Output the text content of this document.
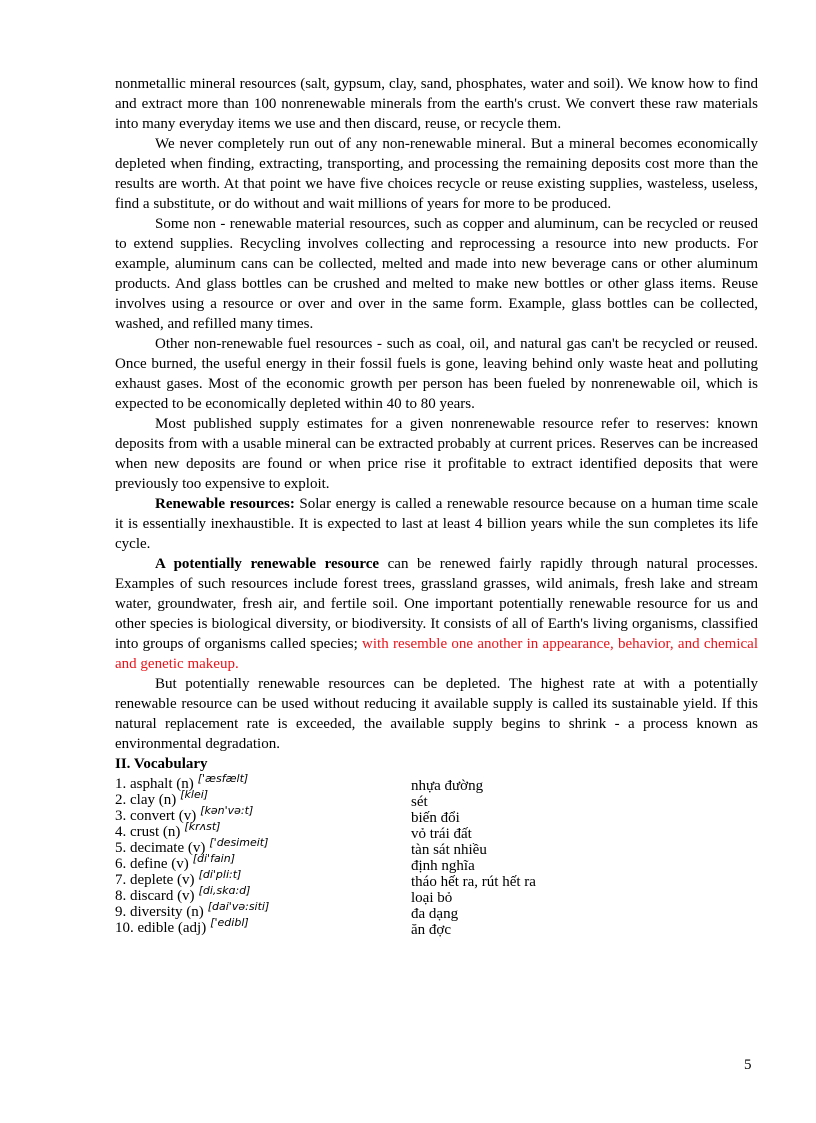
nonmetallic mineral resources (salt, gypsum, clay, sand, phosphates, water and soil). We know how to find and extract more than 100 nonrenewable minerals from the earth's crust. We convert these raw materials into many everyday items we use and then discard, reuse, or recycle them.

We never completely run out of any non-renewable mineral. But a mineral becomes economically depleted when finding, extracting, transporting, and processing the remaining deposits cost more than the results are worth. At that point we have five choices recycle or reuse existing supplies, wasteless, useless, find a substitute, or do without and wait millions of years for more to be produced.

Some non - renewable material resources, such as copper and aluminum, can be recycled or reused to extend supplies. Recycling involves collecting and reprocessing a resource into new products. For example, aluminum cans can be collected, melted and made into new beverage cans or other aluminum products. And glass bottles can be crushed and melted to make new bottles or other glass items. Reuse involves using a resource or over and over in the same form. Example, glass bottles can be collected, washed, and refilled many times.

Other non-renewable fuel resources - such as coal, oil, and natural gas can't be recycled or reused. Once burned, the useful energy in their fossil fuels is gone, leaving behind only waste heat and polluting exhaust gases. Most of the economic growth per person has been fueled by nonrenewable oil, which is expected to be economically depleted within 40 to 80 years.

Most published supply estimates for a given nonrenewable resource refer to reserves: known deposits from with a usable mineral can be extracted probably at current prices. Reserves can be increased when new deposits are found or when price rise it profitable to extract identified deposits that were previously too expensive to exploit.

Renewable resources: Solar energy is called a renewable resource because on a human time scale it is essentially inexhaustible. It is expected to last at least 4 billion years while the sun completes its life cycle.

A potentially renewable resource can be renewed fairly rapidly through natural processes. Examples of such resources include forest trees, grassland grasses, wild animals, fresh lake and stream water, groundwater, fresh air, and fertile soil. One important potentially renewable resource for us and other species is biological diversity, or biodiversity. It consists of all of Earth's living organisms, classified into groups of organisms called species; with resemble one another in appearance, behavior, and chemical and genetic makeup.

But potentially renewable resources can be depleted. The highest rate at with a potentially renewable resource can be used without reducing it available supply is called its sustainable yield. If this natural replacement rate is exceeded, the available supply begins to shrink - a process known as environmental degradation.

II. Vocabulary

1. asphalt (n) ['æsfælt]	nhựa đường
2. clay (n) [klei]	sét
3. convert (v) [kən'və:t]	biến đổi
4. crust (n) [krʌst]	vỏ trái đất
5. decimate (v) ['desimeit]	tàn sát nhiều
6. define (v) [di'fain]	định nghĩa
7. deplete (v) [di'pli:t]	tháo hết ra, rút hết ra
8. discard (v) [di,skɑ:d]	loại bỏ
9. diversity (n) [dai'və:siti]	đa dạng
10. edible (adj) ['edibl]	ăn đợc
5
